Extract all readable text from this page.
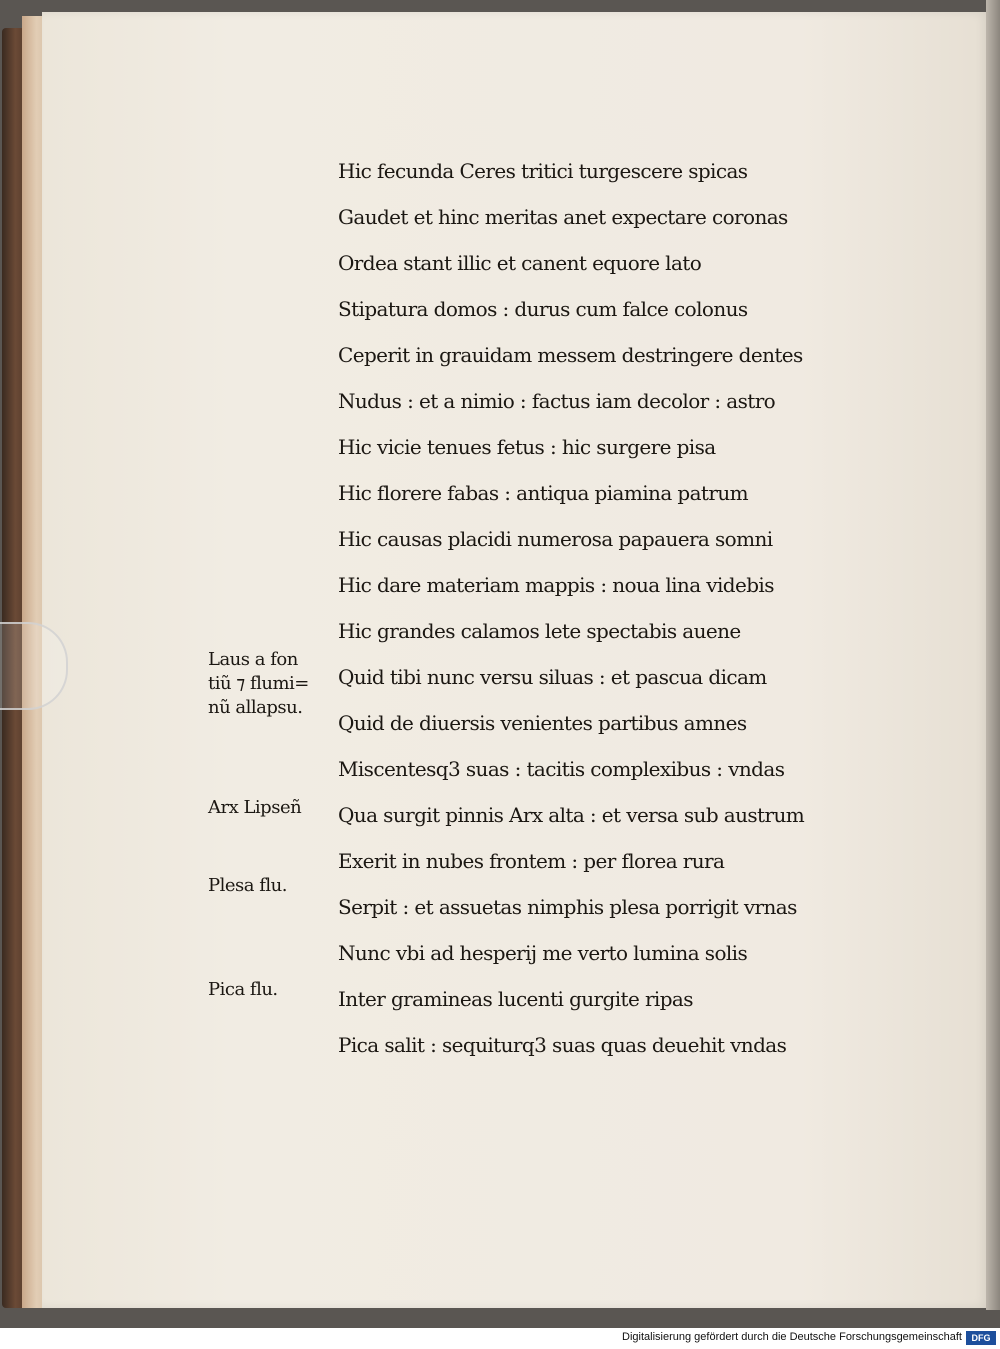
Hic fecunda Ceres tritici turgescere spicas
Gaudet et hinc meritas anet expectare coronas
Ordea stant illic et canent equore lato
Stipatura domos : durus cum falce colonus
Ceperit in grauidam messem destringere dentes
Nudus : et a nimio : factus iam decolor : astro
Hic vicie tenues fetus : hic surgere pisa
Hic florere fabas : antiqua piamina patrum
Hic causas placidi numerosa papauera somni
Hic dare materiam mappis : noua lina videbis
Hic grandes calamos lete spectabis auene
Quid tibi nunc versu siluas : et pascua dicam
Quid de diuersis venientes partibus amnes
Miscentesq3 suas : tacitis complexibus : vndas
Qua surgit pinnis Arx alta : et versa sub austrum
Exerit in nubes frontem : per florea rura
Serpit : et assuetas nimphis plesa porrigit vrnas
Nunc vbi ad hesperij me verto lumina solis
Inter gramineas lucenti gurgite ripas
Pica salit : sequiturq3 suas quas deuehit vndas
Laus a fon
tiũ ⁊ flumi=
nũ allapsu.
Arx Lipseñ
Plesa flu.
Pica flu.
Digitalisierung gefördert durch die Deutsche Forschungsgemeinschaft	DFG
